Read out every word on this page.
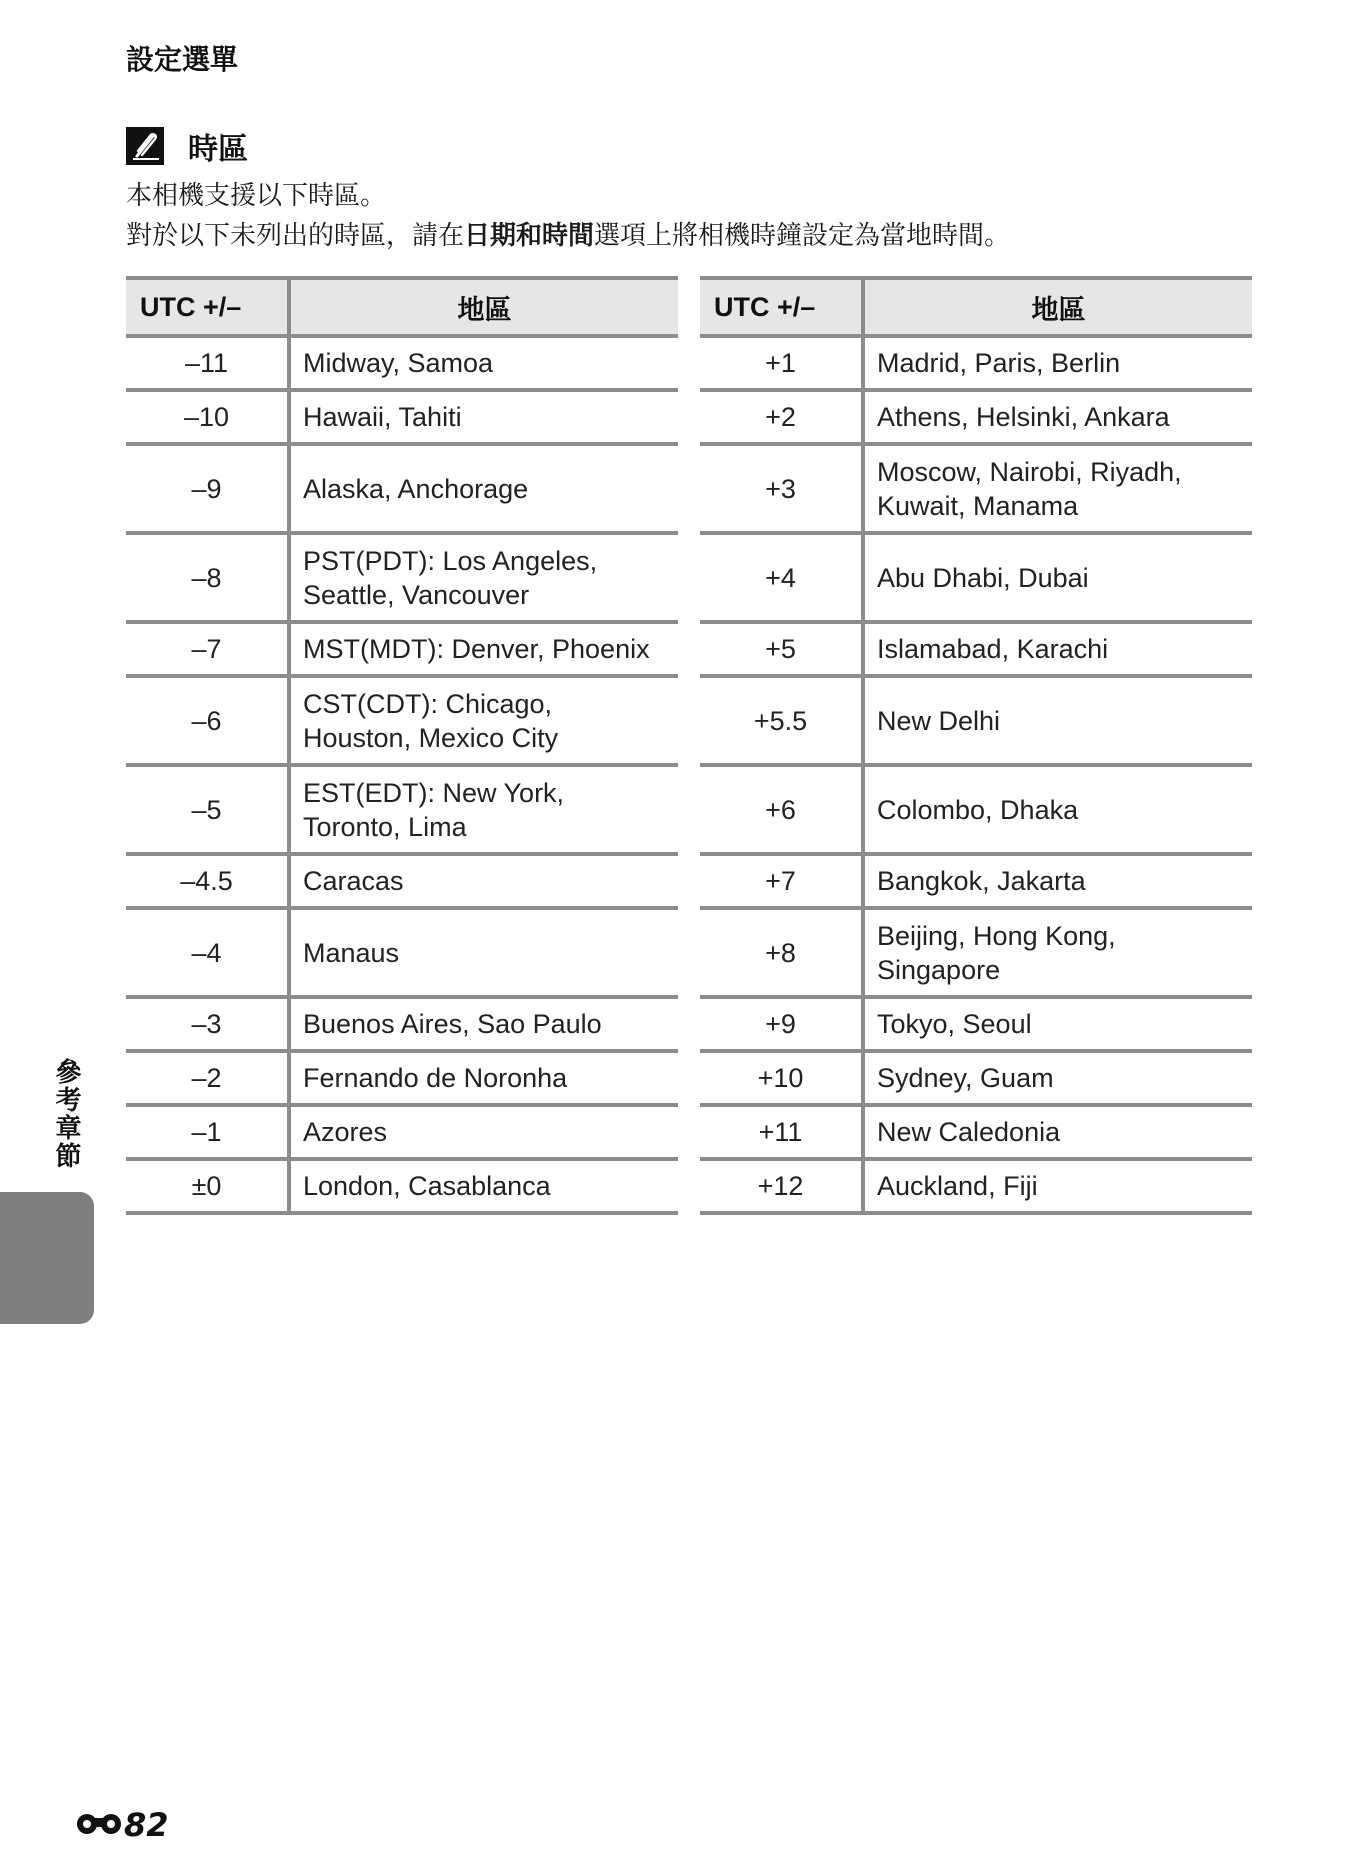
設定選單
時區
本相機支援以下時區。
對於以下未列出的時區，請在日期和時間選項上將相機時鐘設定為當地時間。
UTC +/–	地區
–11	Midway, Samoa
–10	Hawaii, Tahiti
–9	Alaska, Anchorage
–8	PST(PDT): Los Angeles, Seattle, Vancouver
–7	MST(MDT): Denver, Phoenix
–6	CST(CDT): Chicago, Houston, Mexico City
–5	EST(EDT): New York, Toronto, Lima
–4.5	Caracas
–4	Manaus
–3	Buenos Aires, Sao Paulo
–2	Fernando de Noronha
–1	Azores
±0	London, Casablanca
UTC +/–	地區
+1	Madrid, Paris, Berlin
+2	Athens, Helsinki, Ankara
+3	Moscow, Nairobi, Riyadh, Kuwait, Manama
+4	Abu Dhabi, Dubai
+5	Islamabad, Karachi
+5.5	New Delhi
+6	Colombo, Dhaka
+7	Bangkok, Jakarta
+8	Beijing, Hong Kong, Singapore
+9	Tokyo, Seoul
+10	Sydney, Guam
+11	New Caledonia
+12	Auckland, Fiji
參考章節
82
